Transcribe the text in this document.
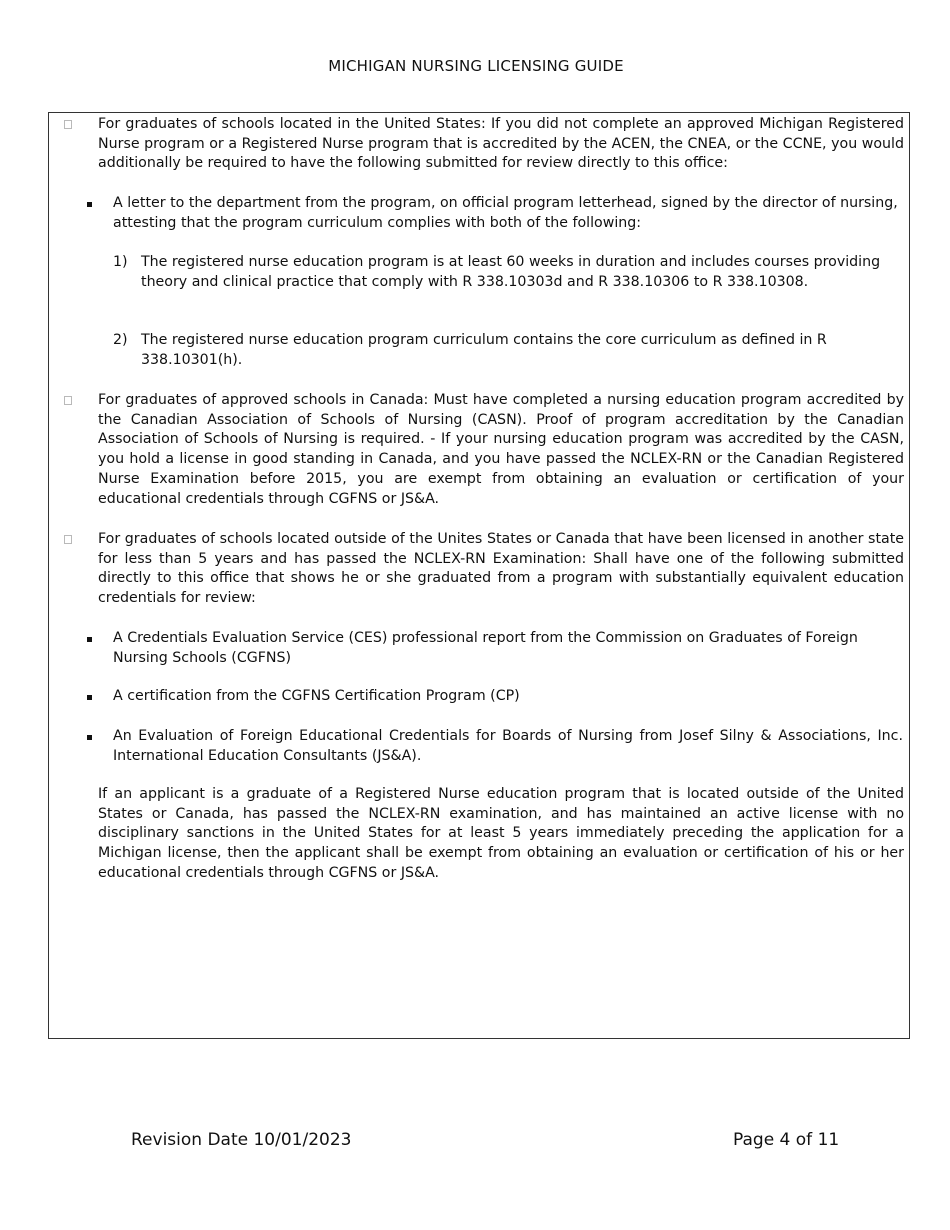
MICHIGAN NURSING LICENSING GUIDE

For graduates of schools located in the United States: If you did not complete an approved Michigan Registered Nurse program or a Registered Nurse program that is accredited by the ACEN, the CNEA, or the CCNE, you would additionally be required to have the following submitted for review directly to this office:

A letter to the department from the program, on official program letterhead, signed by the director of nursing, attesting that the program curriculum complies with both of the following:

1) The registered nurse education program is at least 60 weeks in duration and includes courses providing theory and clinical practice that comply with R 338.10303d and R 338.10306 to R 338.10308.

2) The registered nurse education program curriculum contains the core curriculum as defined in R 338.10301(h).

For graduates of approved schools in Canada: Must have completed a nursing education program accredited by the Canadian Association of Schools of Nursing (CASN). Proof of program accreditation by the Canadian Association of Schools of Nursing is required. - If your nursing education program was accredited by the CASN, you hold a license in good standing in Canada, and you have passed the NCLEX-RN or the Canadian Registered Nurse Examination before 2015, you are exempt from obtaining an evaluation or certification of your educational credentials through CGFNS or JS&A.

For graduates of schools located outside of the Unites States or Canada that have been licensed in another state for less than 5 years and has passed the NCLEX-RN Examination: Shall have one of the following submitted directly to this office that shows he or she graduated from a program with substantially equivalent education credentials for review:

A Credentials Evaluation Service (CES) professional report from the Commission on Graduates of Foreign Nursing Schools (CGFNS)

A certification from the CGFNS Certification Program (CP)

An Evaluation of Foreign Educational Credentials for Boards of Nursing from Josef Silny & Associations, Inc. International Education Consultants (JS&A).

If an applicant is a graduate of a Registered Nurse education program that is located outside of the United States or Canada, has passed the NCLEX-RN examination, and has maintained an active license with no disciplinary sanctions in the United States for at least 5 years immediately preceding the application for a Michigan license, then the applicant shall be exempt from obtaining an evaluation or certification of his or her educational credentials through CGFNS or JS&A.

Revision Date 10/01/2023	Page 4 of 11
